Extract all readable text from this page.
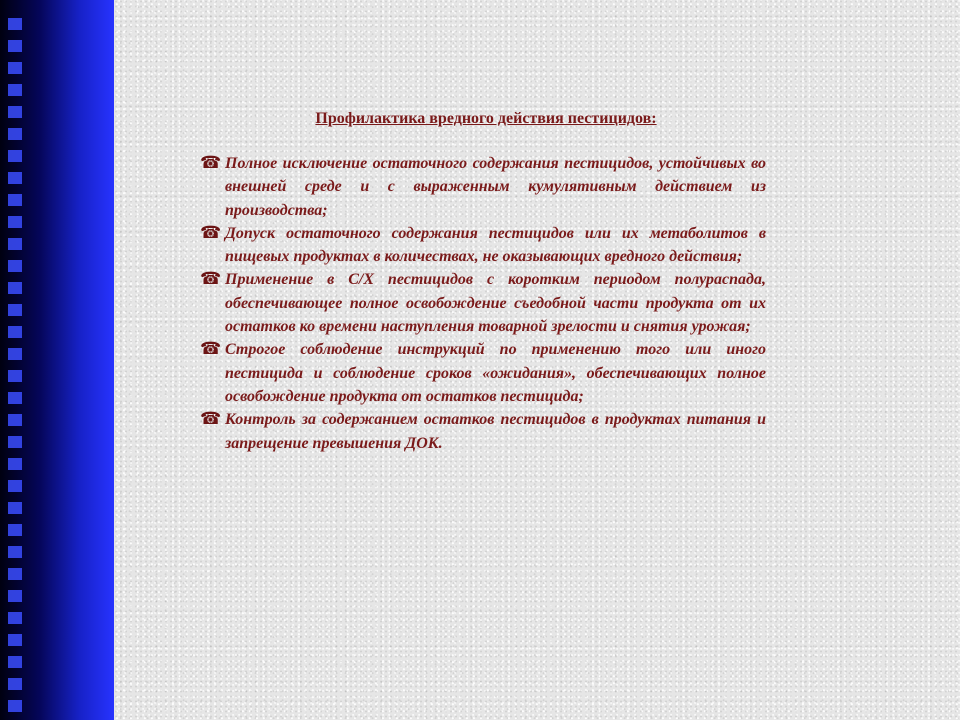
Профилактика вредного действия пестицидов:
☎ Полное исключение остаточного содержания пестицидов, устойчивых во внешней среде и с выраженным кумулятивным действием из производства;
☎ Допуск остаточного содержания пестицидов или их метаболитов в пищевых продуктах в количествах, не оказывающих вредного действия;
☎ Применение в С/Х пестицидов с коротким периодом полураспада, обеспечивающее полное освобождение съедобной части продукта от их остатков ко времени наступления товарной зрелости и снятия урожая;
☎ Строгое соблюдение инструкций по применению того или иного пестицида и соблюдение сроков «ожидания», обеспечивающих полное освобождение продукта от остатков пестицида;
☎ Контроль за содержанием остатков пестицидов в продуктах питания и запрещение превышения ДОК.
